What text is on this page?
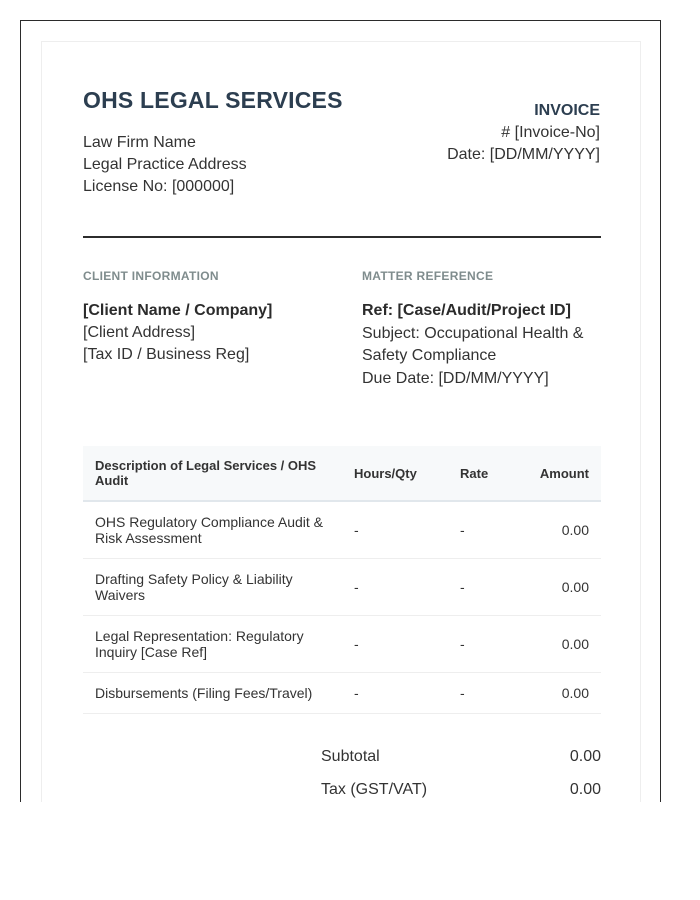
OHS LEGAL SERVICES
Law Firm Name
Legal Practice Address
License No: [000000]
INVOICE
# [Invoice-No]
Date: [DD/MM/YYYY]
CLIENT INFORMATION	MATTER REFERENCE
[Client Name / Company]
[Client Address]
[Tax ID / Business Reg]
Ref: [Case/Audit/Project ID]
Subject: Occupational Health & Safety Compliance
Due Date: [DD/MM/YYYY]
Description of Legal Services / OHS Audit	Hours/Qty	Rate	Amount
OHS Regulatory Compliance Audit & Risk Assessment	-	-	0.00
Drafting Safety Policy & Liability Waivers	-	-	0.00
Legal Representation: Regulatory Inquiry [Case Ref]	-	-	0.00
Disbursements (Filing Fees/Travel)	-	-	0.00
Subtotal	0.00
Tax (GST/VAT)	0.00
